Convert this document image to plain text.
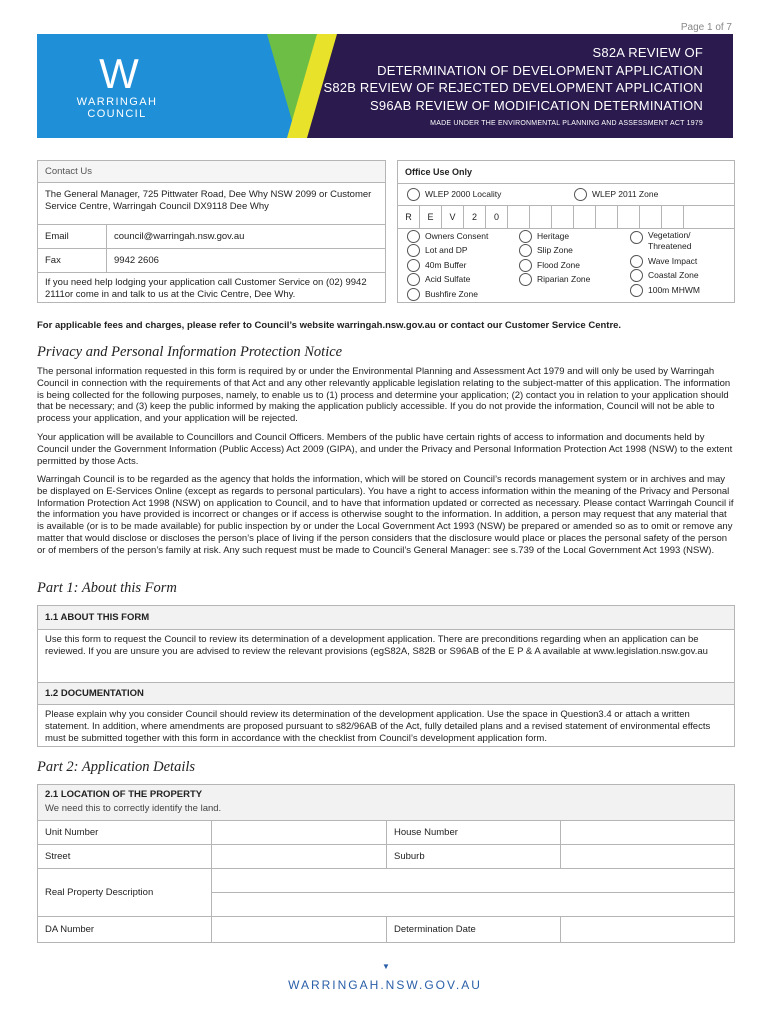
Page 1 of 7
W
WARRINGAH
COUNCIL
S82A REVIEW OF
DETERMINATION OF DEVELOPMENT APPLICATION
S82B REVIEW OF REJECTED DEVELOPMENT APPLICATION
S96AB REVIEW OF MODIFICATION DETERMINATION
MADE UNDER THE ENVIRONMENTAL PLANNING AND ASSESSMENT ACT 1979
Contact Us
The General Manager, 725 Pittwater Road, Dee Why NSW 2099 or Customer Service Centre, Warringah Council DX9118 Dee Why
Email	council@warringah.nsw.gov.au
Fax	9942 2606
If you need help lodging your application call Customer Service on (02) 9942 2111or come in and talk to us at the Civic Centre, Dee Why.
Office Use Only
WLEP 2000 Locality	WLEP 2011 Zone
R	E	V	2	0								
Owners Consent
Lot and DP
40m Buffer
Acid Sulfate
Bushfire Zone
Heritage
Slip Zone
Flood Zone
Riparian Zone
Vegetation/ Threatened
Wave Impact
Coastal Zone
100m MHWM
For applicable fees and charges, please refer to Council’s website warringah.nsw.gov.au or contact our Customer Service Centre.
Privacy and Personal Information Protection Notice
The personal information requested in this form is required by or under the Environmental Planning and Assessment Act 1979 and will only be used by Warringah Council in connection with the requirements of that Act and any other relevantly applicable legislation relating to the subject-matter of this application. The information is being collected for the following purposes, namely, to enable us to (1) process and determine your application; (2) contact you in relation to your application should that be necessary; and (3) keep the public informed by making the application publicly accessible. If you do not provide the information, Council will not be able to process your application, and your application will be rejected.
Your application will be available to Councillors and Council Officers. Members of the public have certain rights of access to information and documents held by Council under the Government Information (Public Access) Act 2009 (GIPA), and under the Privacy and Personal Information Protection Act 1998 (NSW) to the extent permitted by those Acts.
Warringah Council is to be regarded as the agency that holds the information, which will be stored on Council’s records management system or in archives and may be displayed on E-Services Online (except as regards to personal particulars). You have a right to access information within the meaning of the Privacy and Personal Information Protection Act 1998 (NSW) on application to Council, and to have that information updated or corrected as necessary. Please contact Warringah Council if the information you have provided is incorrect or changes or if access is otherwise sought to the information. In addition, a person may request that any material that is available (or is to be made available) for public inspection by or under the Local Government Act 1993 (NSW) be prepared or amended so as to omit or remove any matter that would disclose or discloses the person’s place of living if the person considers that the disclosure would place or places the personal safety of the person or of members of the person’s family at risk. Any such request must be made to Council’s General Manager: see s.739 of the Local Government Act 1993 (NSW).
Part 1: About this Form
1.1 ABOUT THIS FORM
Use this form to request the Council to review its determination of a development application. There are preconditions regarding when an application can be reviewed. If you are unsure you are advised to review the relevant provisions (egS82A, S82B or S96AB of the E P & A available at www.legislation.nsw.gov.au
1.2 DOCUMENTATION
Please explain why you consider Council should review its determination of the development application. Use the space in Question3.4 or attach a written statement. In addition, where amendments are proposed pursuant to s82/96AB of the Act, fully detailed plans and a revised statement of environmental effects must be submitted together with this form in accordance with the checklist from Council’s development application form.
Part 2: Application Details
2.1 LOCATION OF THE PROPERTY
We need this to correctly identify the land.
Unit Number	House Number
Street	Suburb
Real Property Description
DA Number	Determination Date
▼
WARRINGAH.NSW.GOV.AU
